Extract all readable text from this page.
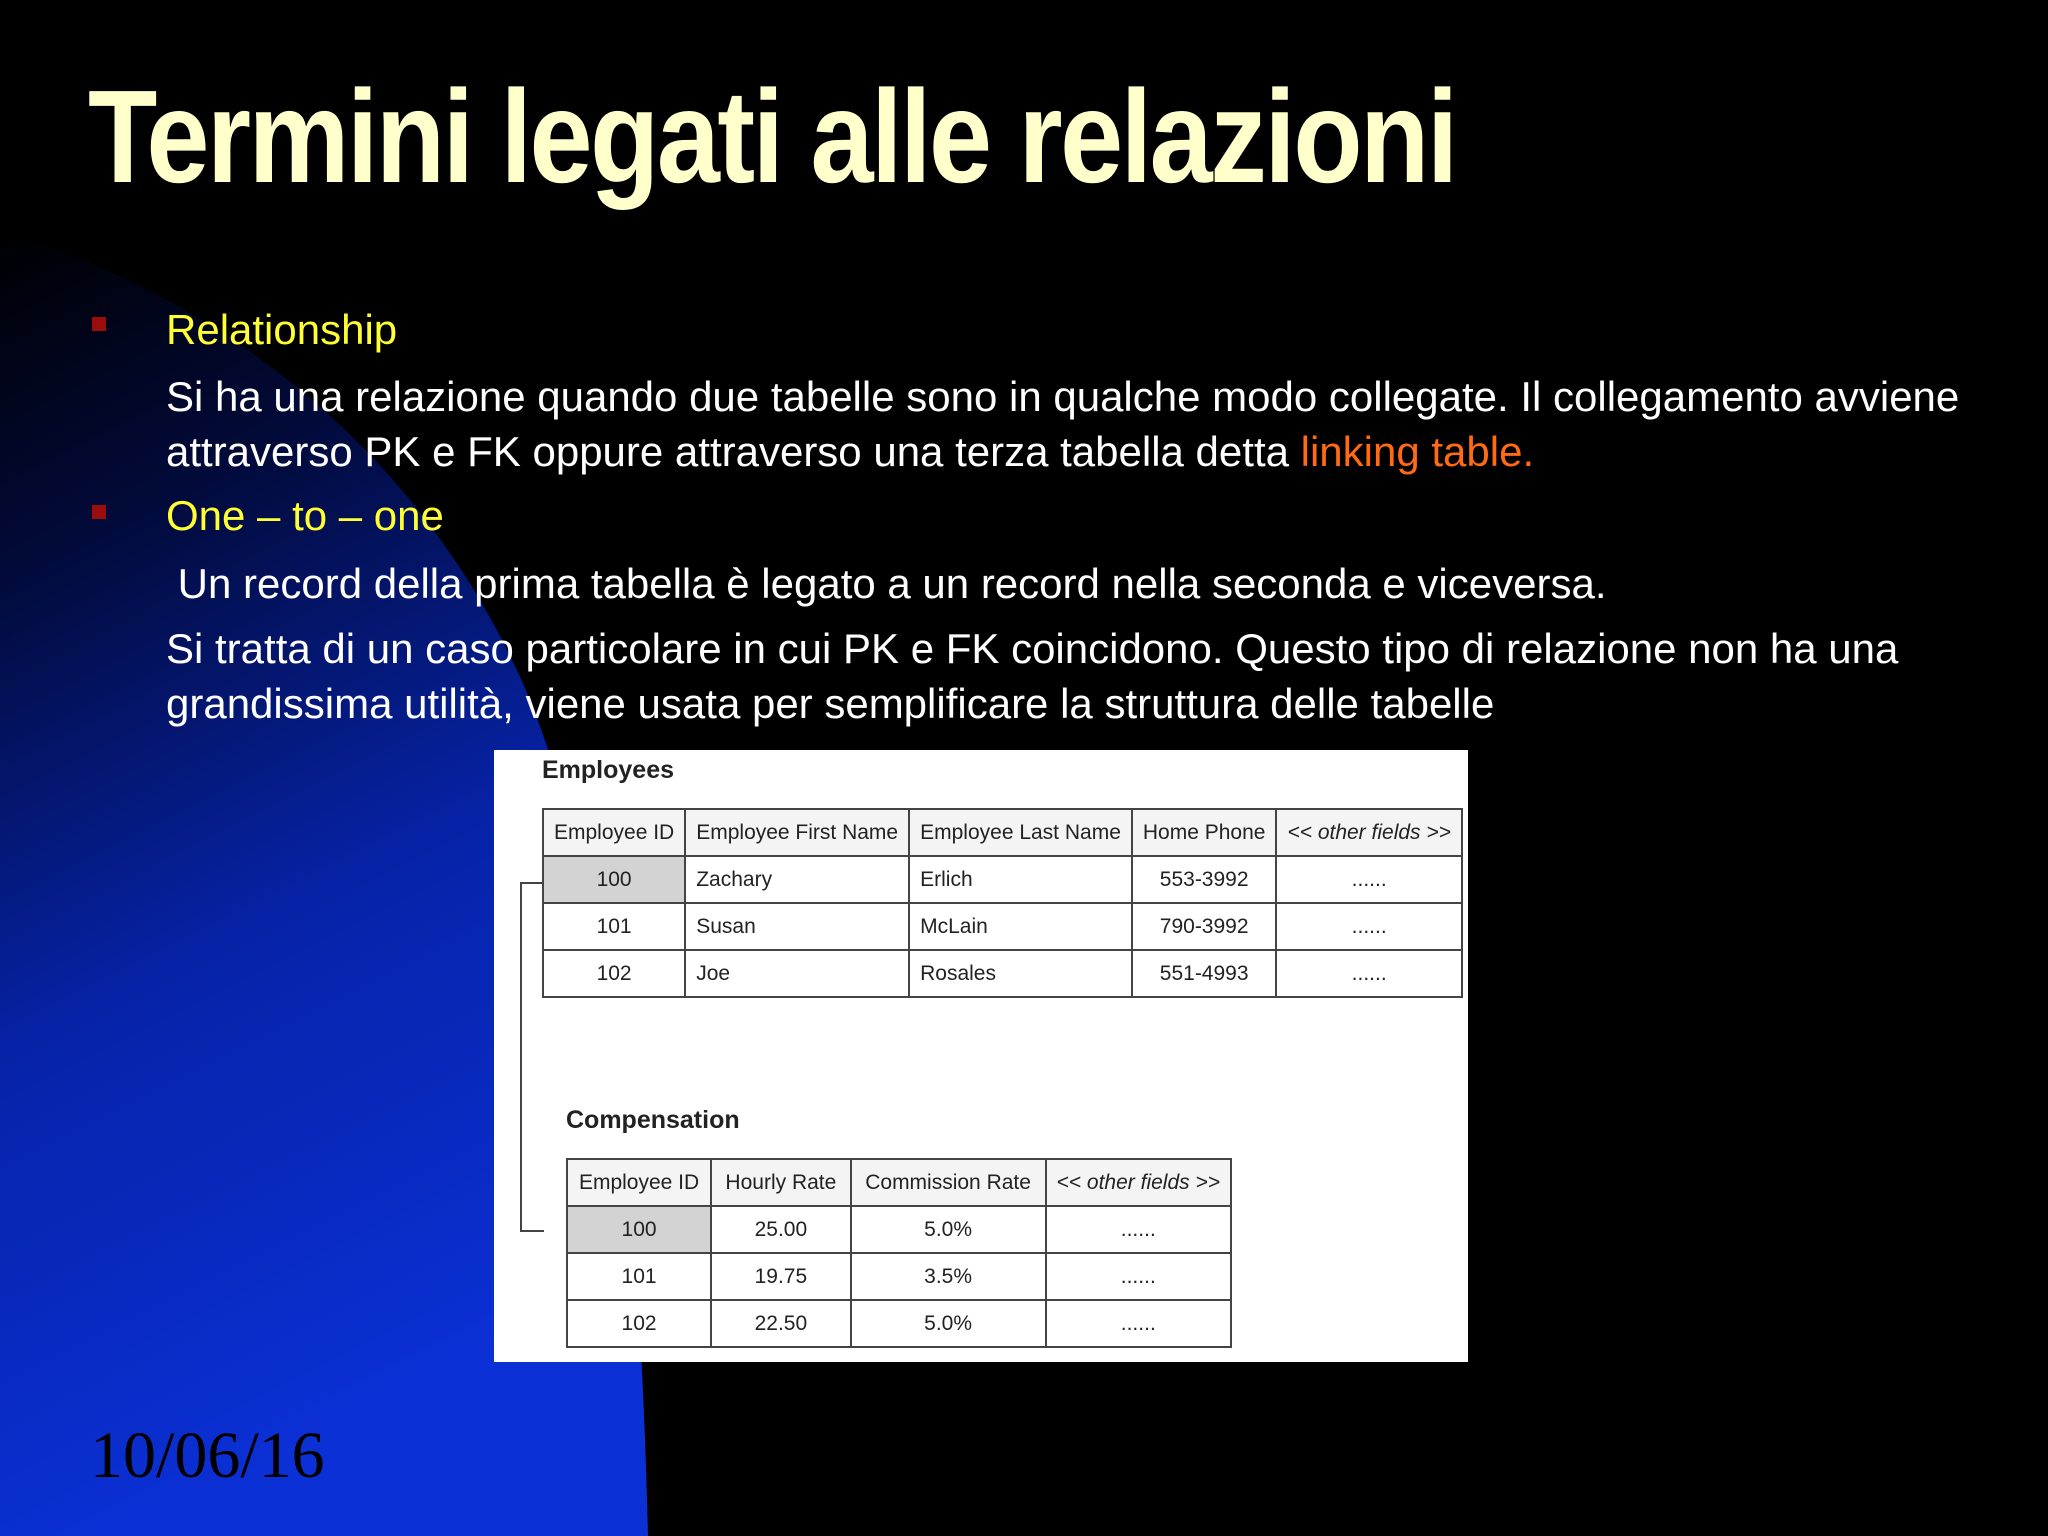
Termini legati alle relazioni
Relationship
Si ha una relazione quando due tabelle sono in qualche modo collegate. Il collegamento avviene attraverso PK e FK oppure attraverso una terza tabella detta linking table.
One – to – one
Un record della prima tabella è legato a un record nella seconda e viceversa.
Si tratta di un caso particolare in cui PK e FK coincidono. Questo tipo di relazione non ha una grandissima utilità, viene usata per semplificare la struttura delle tabelle
Employees
Employee ID	Employee First Name	Employee Last Name	Home Phone	<< other fields >>
100	Zachary	Erlich	553-3992	......
101	Susan	McLain	790-3992	......
102	Joe	Rosales	551-4993	......
Compensation
Employee ID	Hourly Rate	Commission Rate	<< other fields >>
100	25.00	5.0%	......
101	19.75	3.5%	......
102	22.50	5.0%	......
10/06/16
